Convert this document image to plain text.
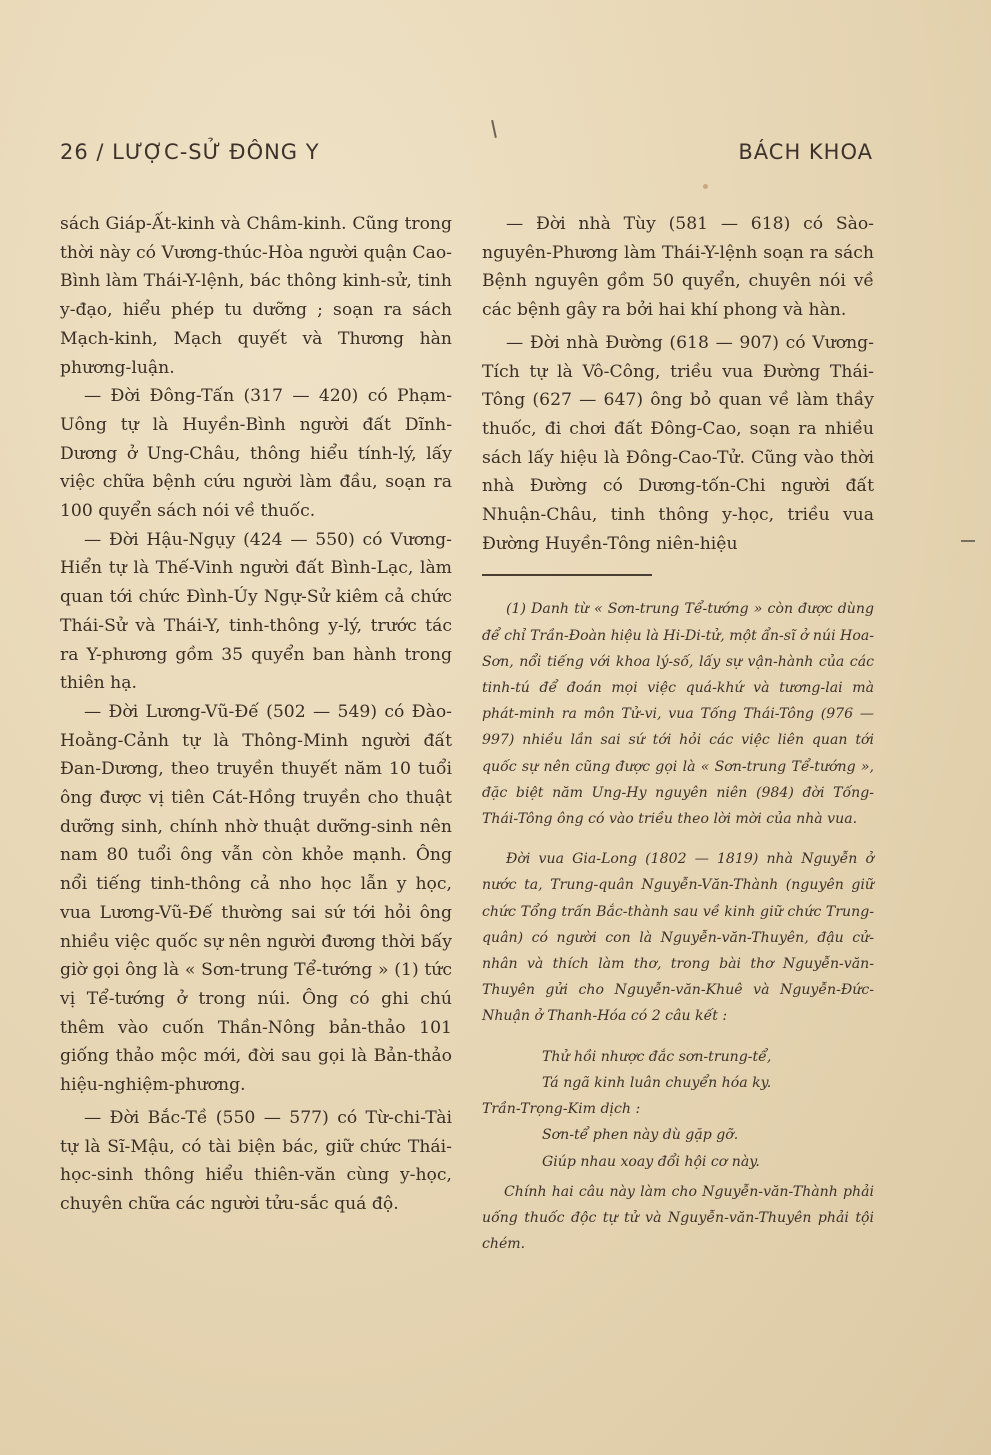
26 / LƯỢC-SỬ ĐÔNG Y	BÁCH KHOA

sách Giáp-Ất-kinh và Châm-kinh. Cũng trong thời này có Vương-thúc-Hòa người quận Cao-Bình làm Thái-Y-lệnh, bác thông kinh-sử, tinh y-đạo, hiểu phép tu dưỡng ; soạn ra sách Mạch-kinh, Mạch quyết và Thương hàn phương-luận.

— Đời Đông-Tấn (317 — 420) có Phạm-Uông tự là Huyền-Bình người đất Dĩnh-Dương ở Ung-Châu, thông hiểu tính-lý, lấy việc chữa bệnh cứu người làm đầu, soạn ra 100 quyển sách nói về thuốc.

— Đời Hậu-Ngụy (424 — 550) có Vương-Hiển tự là Thế-Vinh người đất Bình-Lạc, làm quan tới chức Đình-Úy Ngự-Sử kiêm cả chức Thái-Sử và Thái-Y, tinh-thông y-lý, trước tác ra Y-phương gồm 35 quyển ban hành trong thiên hạ.

— Đời Lương-Vũ-Đế (502 — 549) có Đào-Hoằng-Cảnh tự là Thông-Minh người đất Đan-Dương, theo truyền thuyết năm 10 tuổi ông được vị tiên Cát-Hồng truyền cho thuật dưỡng sinh, chính nhờ thuật dưỡng-sinh nên nam 80 tuổi ông vẫn còn khỏe mạnh. Ông nổi tiếng tinh-thông cả nho học lẫn y học, vua Lương-Vũ-Đế thường sai sứ tới hỏi ông nhiều việc quốc sự nên người đương thời bấy giờ gọi ông là « Sơn-trung Tể-tướng » (1) tức vị Tể-tướng ở trong núi. Ông có ghi chú thêm vào cuốn Thần-Nông bản-thảo 101 giống thảo mộc mới, đời sau gọi là Bản-thảo hiệu-nghiệm-phương.

— Đời Bắc-Tề (550 — 577) có Từ-chi-Tài tự là Sĩ-Mậu, có tài biện bác, giữ chức Thái-học-sinh thông hiểu thiên-văn cùng y-học, chuyên chữa các người tửu-sắc quá độ.

— Đời nhà Tùy (581 — 618) có Sào-nguyên-Phương làm Thái-Y-lệnh soạn ra sách Bệnh nguyên gồm 50 quyển, chuyên nói về các bệnh gây ra bởi hai khí phong và hàn.

— Đời nhà Đường (618 — 907) có Vương-Tích tự là Vô-Công, triều vua Đường Thái-Tông (627 — 647) ông bỏ quan về làm thầy thuốc, đi chơi đất Đông-Cao, soạn ra nhiều sách lấy hiệu là Đông-Cao-Tử. Cũng vào thời nhà Đường có Dương-tốn-Chi người đất Nhuận-Châu, tinh thông y-học, triều vua Đường Huyền-Tông niên-hiệu

(1) Danh từ « Sơn-trung Tể-tướng » còn được dùng để chỉ Trần-Đoàn hiệu là Hi-Di-tử, một ẩn-sĩ ở núi Hoa-Sơn, nổi tiếng với khoa lý-số, lấy sự vận-hành của các tinh-tú để đoán mọi việc quá-khứ và tương-lai mà phát-minh ra môn Tử-vi, vua Tống Thái-Tông (976 — 997) nhiều lần sai sứ tới hỏi các việc liên quan tới quốc sự nên cũng được gọi là « Sơn-trung Tể-tướng », đặc biệt năm Ung-Hy nguyên niên (984) đời Tống-Thái-Tông ông có vào triều theo lời mời của nhà vua.

Đời vua Gia-Long (1802 — 1819) nhà Nguyễn ở nước ta, Trung-quân Nguyễn-Văn-Thành (nguyên giữ chức Tổng trấn Bắc-thành sau về kinh giữ chức Trung-quân) có người con là Nguyễn-văn-Thuyên, đậu cử-nhân và thích làm thơ, trong bài thơ Nguyễn-văn-Thuyên gửi cho Nguyễn-văn-Khuê và Nguyễn-Đức-Nhuận ở Thanh-Hóa có 2 câu kết :

Thử hồi nhược đắc sơn-trung-tể,
Tá ngã kinh luân chuyển hóa ky.
Trần-Trọng-Kim dịch :
Sơn-tể phen này dù gặp gỡ.
Giúp nhau xoay đổi hội cơ này.

Chính hai câu này làm cho Nguyễn-văn-Thành phải uống thuốc độc tự tử và Nguyễn-văn-Thuyên phải tội chém.
